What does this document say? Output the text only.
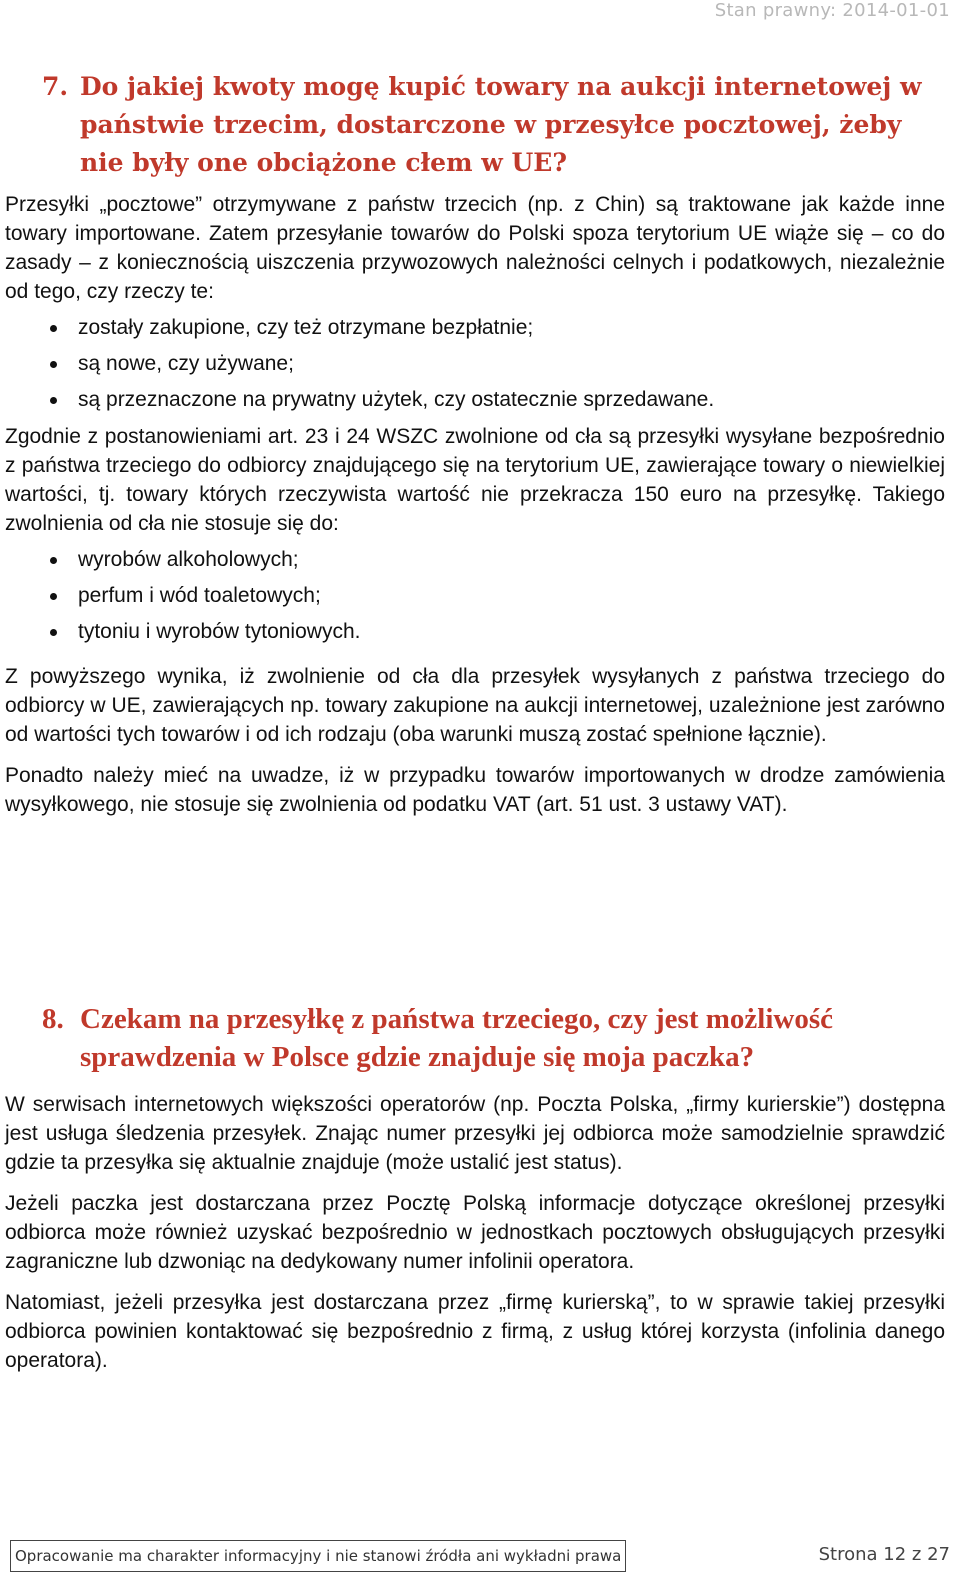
Stan prawny: 2014-01-01
7. Do jakiej kwoty mogę kupić towary na aukcji internetowej w państwie trzecim, dostarczone w przesyłce pocztowej, żeby nie były one obciążone cłem w UE?

Przesyłki „pocztowe” otrzymywane z państw trzecich (np. z Chin) są traktowane jak każde inne towary importowane. Zatem przesyłanie towarów do Polski spoza terytorium UE wiąże się – co do zasady – z koniecznością uiszczenia przywozowych należności celnych i podatkowych, niezależnie od tego, czy rzeczy te:

zostały zakupione, czy też otrzymane bezpłatnie;
są nowe, czy używane;
są przeznaczone na prywatny użytek, czy ostatecznie sprzedawane.

Zgodnie z postanowieniami art. 23 i 24 WSZC zwolnione od cła są przesyłki wysyłane bezpośrednio z państwa trzeciego do odbiorcy znajdującego się na terytorium UE, zawierające towary o niewielkiej wartości, tj. towary których rzeczywista wartość nie przekracza 150 euro na przesyłkę. Takiego zwolnienia od cła nie stosuje się do:

wyrobów alkoholowych;
perfum i wód toaletowych;
tytoniu i wyrobów tytoniowych.

Z powyższego wynika, iż zwolnienie od cła dla przesyłek wysyłanych z państwa trzeciego do odbiorcy w UE, zawierających np. towary zakupione na aukcji internetowej, uzależnione jest zarówno od wartości tych towarów i od ich rodzaju (oba warunki muszą zostać spełnione łącznie).

Ponadto należy mieć na uwadze, iż w przypadku towarów importowanych w drodze zamówienia wysyłkowego, nie stosuje się zwolnienia od podatku VAT (art. 51 ust. 3 ustawy VAT).

8. Czekam na przesyłkę z państwa trzeciego, czy jest możliwość sprawdzenia w Polsce gdzie znajduje się moja paczka?

W serwisach internetowych większości operatorów (np. Poczta Polska, „firmy kurierskie”) dostępna jest usługa śledzenia przesyłek. Znając numer przesyłki jej odbiorca może samodzielnie sprawdzić gdzie ta przesyłka się aktualnie znajduje (może ustalić jest status).

Jeżeli paczka jest dostarczana przez Pocztę Polską informacje dotyczące określonej przesyłki odbiorca może również uzyskać bezpośrednio w jednostkach pocztowych obsługujących przesyłki zagraniczne lub dzwoniąc na dedykowany numer infolinii operatora.

Natomiast, jeżeli przesyłka jest dostarczana przez „firmę kurierską”, to w sprawie takiej przesyłki odbiorca powinien kontaktować się bezpośrednio z firmą, z usług której korzysta (infolinia danego operatora).

Opracowanie ma charakter informacyjny i nie stanowi źródła ani wykładni prawa	Strona 12 z 27
